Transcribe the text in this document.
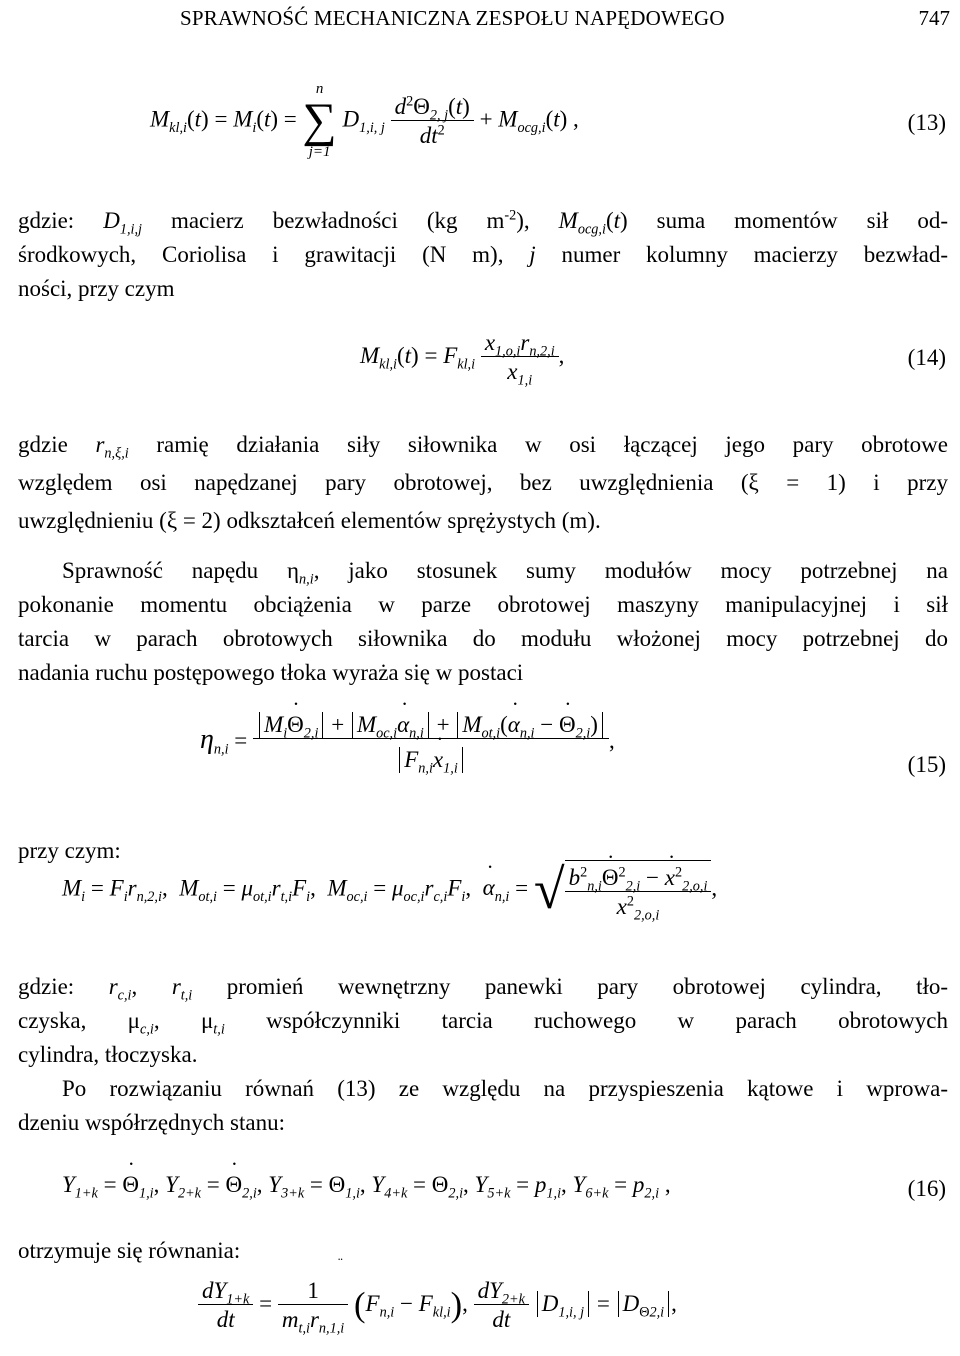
SPRAWNOŚĆ MECHANICZNA ZESPOŁU NAPĘDOWEGO	747
$M_{kl,i}(t) = M_i(t)$ =
n
∑
j=1
$D_{1,i, j} \frac{d^2\Theta_{2, j}(t)}{dt^2} + M_{ocg,i}(t)$ ,	(13)
gdzie: $D_{1,i,j}$ macierz bezwładności (kg $m^{-2}$), $M_{ocg,i}(t)$ suma momentów sił od-
środkowych, Coriolisa i grawitacji (N m), j numer kolumny macierzy bezwład-
ności, przy czym
$M_{kl,i}(t) = F_{kl,i} \frac{x_{1,o,i}r_{n,2,i}}{x_{1,i}}$ ,	(14)
gdzie $r_{n,\xi,i}$ ramię działania siły siłownika w osi łączącej jego pary obrotowe
względem osi napędzanej pary obrotowej, bez uwzględnienia (ξ = 1) i przy
uwzględnieniu (ξ = 2) odkształceń elementów sprężystych (m).
Sprawność napędu $\eta_{n,i}$, jako stosunek sumy modułów mocy potrzebnej na
pokonanie momentu obciążenia w parze obrotowej maszyny manipulacyjnej i sił
tarcia w parach obrotowych siłownika do modułu włożonej mocy potrzebnej do
nadania ruchu postępowego tłoka wyraża się w postaci
$\eta_{n,i}$ =
$M_i˙$ $\Theta_{2,i}$ + $M_{oc,i}˙$ $\alpha_{n,i}$ + $M_{ot,i}(˙$ $\alpha_{n,i}$ − ˙ $\Theta_{2,i}$)
$F_{n,i}˙$ $x_{1,i}$
,
(15)
przy czym:
$M_i = F_ir_{n,2,i}$,  $M_{ot,i} = \mu_{ot,i}r_{t,i}F_i$,  $M_{oc,i} = \mu_{oc,i}r_{c,i}F_i$,  ˙ $\alpha_{n,i}$ = √ $\frac{b^2_{n,i}˙ \Theta^2_{2,i} - ˙ x^2_{2,o,i}}{x^2_{2,o,i}}$ ,
gdzie: $r_{c,i}$, $r_{t,i}$ promień wewnętrzny panewki pary obrotowej cylindra, tło-
czyska, $\mu_{c,i}$, $\mu_{t,i}$ współczynniki tarcia ruchowego w parach obrotowych
cylindra, tłoczyska.
Po rozwiązaniu równań (13) ze względu na przyspieszenia kątowe i wprowa-
dzeniu współrzędnych stanu:
$Y_{1+k}$ = ˙ $\Theta_{1,i}$, $Y_{2+k}$ = ˙ $\Theta_{2,i}$, $Y_{3+k} = \Theta_{1,i}$, $Y_{4+k} = \Theta_{2,i}$, $Y_{5+k} = p_{1,i}$, $Y_{6+k} = p_{2,i}$ ,	(16)
otrzymuje się równania:
$\frac{dY_{1+k}}{dt} = \frac{1}{m_{t,i}r_{n,1,i}} (F_{n,i} - F_{kl,i})$, $\frac{dY_{2+k}}{dt} D_{1,i, j}$ = D¨ $_{\Theta 2,i}$ ,
